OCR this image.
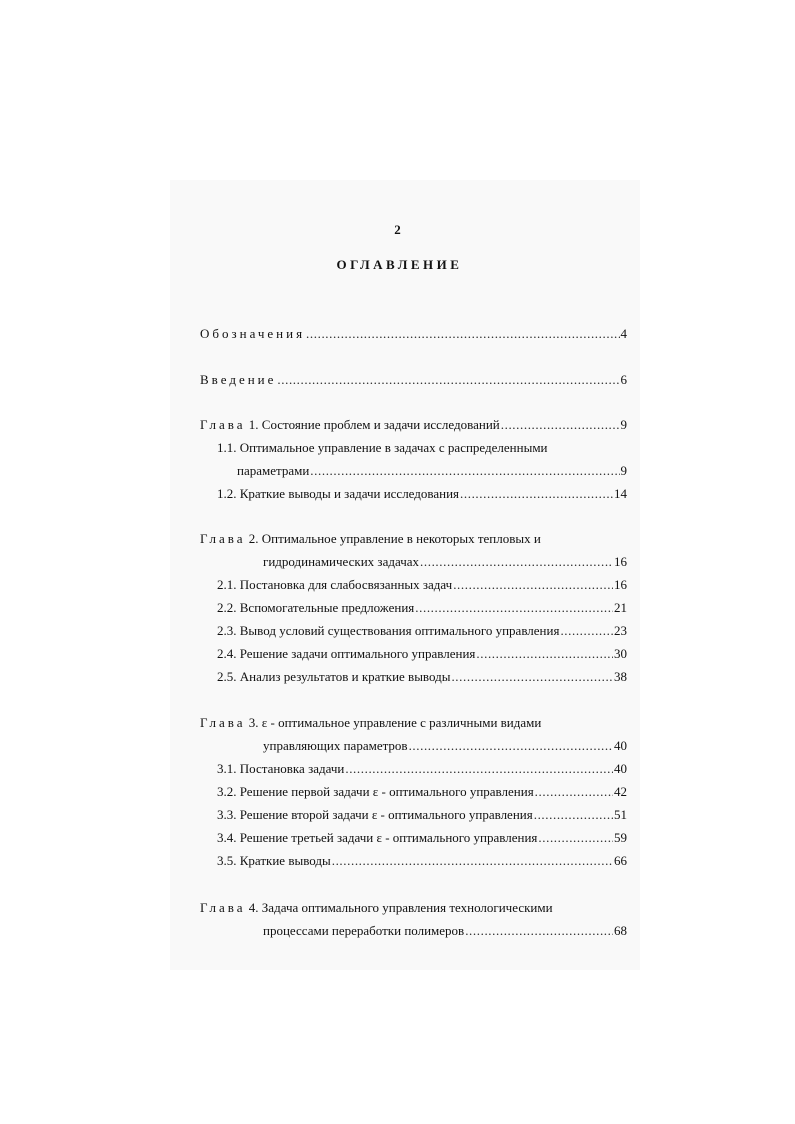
2
ОГЛАВЛЕНИЕ
Обозначения .....	4
Введение .....	6
Глава 1. Состояние проблем и задачи исследований .....	9
1.1. Оптимальное управление в задачах с распределенными
параметрами .....	9
1.2. Краткие выводы и задачи исследования .....	14
Глава 2. Оптимальное управление в некоторых тепловых и
гидродинамических задачах .....	16
2.1. Постановка для слабосвязанных задач .....	16
2.2. Вспомогательные предложения .....	21
2.3. Вывод условий существования оптимального управления .....	23
2.4. Решение задачи оптимального управления .....	30
2.5. Анализ результатов и краткие выводы .....	38
Глава 3. ε - оптимальное управление с различными видами
управляющих параметров .....	40
3.1. Постановка задачи .....	40
3.2. Решение первой задачи ε - оптимального управления .....	42
3.3. Решение второй задачи ε - оптимального управления .....	51
3.4. Решение третьей задачи ε - оптимального управления .....	59
3.5. Краткие выводы .....	66
Глава 4. Задача оптимального управления технологическими
процессами переработки полимеров .....	68
